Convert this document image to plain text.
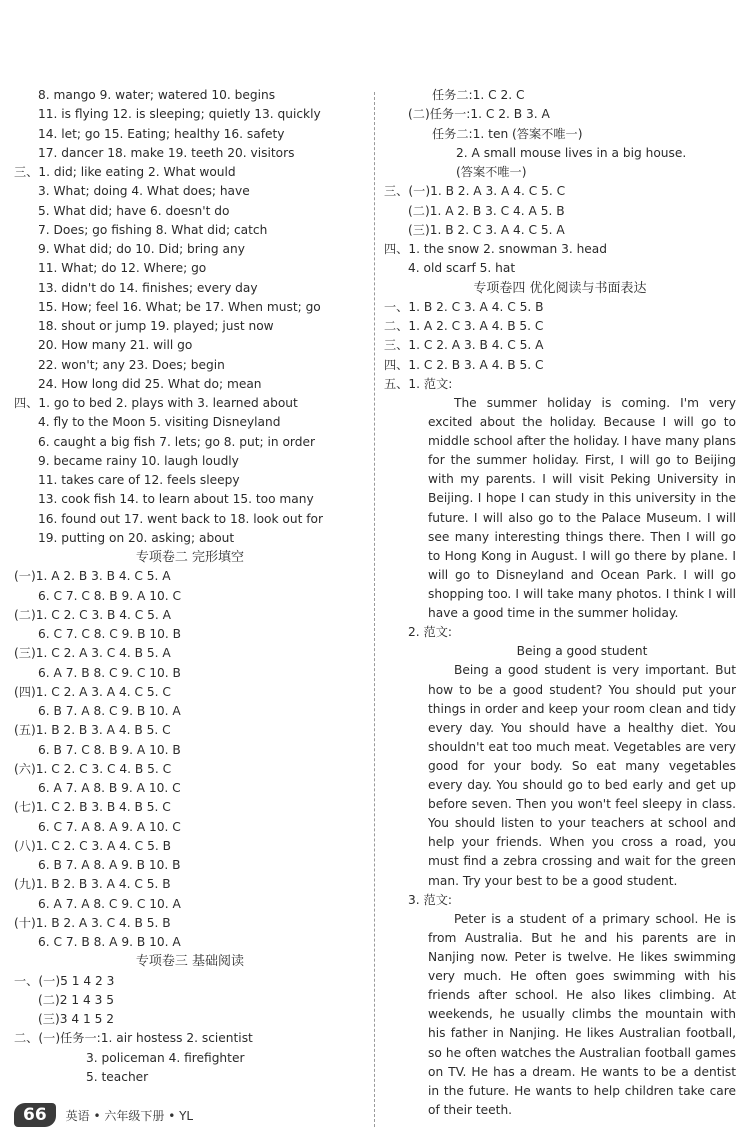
8. mango 9. water; watered 10. begins
11. is flying 12. is sleeping; quietly 13. quickly
14. let; go 15. Eating; healthy 16. safety
17. dancer 18. make 19. teeth 20. visitors
三、1. did; like eating 2. What would
3. What; doing 4. What does; have
5. What did; have 6. doesn't do
7. Does; go fishing 8. What did; catch
9. What did; do 10. Did; bring any
11. What; do 12. Where; go
13. didn't do 14. finishes; every day
15. How; feel 16. What; be 17. When must; go
18. shout or jump 19. played; just now
20. How many 21. will go
22. won't; any 23. Does; begin
24. How long did 25. What do; mean
四、1. go to bed 2. plays with 3. learned about
4. fly to the Moon 5. visiting Disneyland
6. caught a big fish 7. lets; go 8. put; in order
9. became rainy 10. laugh loudly
11. takes care of 12. feels sleepy
13. cook fish 14. to learn about 15. too many
16. found out 17. went back to 18. look out for
19. putting on 20. asking; about
专项卷二 完形填空
(一)1. A 2. B 3. B 4. C 5. A
6. C 7. C 8. B 9. A 10. C
(二)1. C 2. C 3. B 4. C 5. A
6. C 7. C 8. C 9. B 10. B
(三)1. C 2. A 3. C 4. B 5. A
6. A 7. B 8. C 9. C 10. B
(四)1. C 2. A 3. A 4. C 5. C
6. B 7. A 8. C 9. B 10. A
(五)1. B 2. B 3. A 4. B 5. C
6. B 7. C 8. B 9. A 10. B
(六)1. C 2. C 3. C 4. B 5. C
6. A 7. A 8. B 9. A 10. C
(七)1. C 2. B 3. B 4. B 5. C
6. C 7. A 8. A 9. A 10. C
(八)1. C 2. C 3. A 4. C 5. B
6. B 7. A 8. A 9. B 10. B
(九)1. B 2. B 3. A 4. C 5. B
6. A 7. A 8. C 9. C 10. A
(十)1. B 2. A 3. C 4. B 5. B
6. C 7. B 8. A 9. B 10. A
专项卷三 基础阅读
一、(一)5 1 4 2 3
(二)2 1 4 3 5
(三)3 4 1 5 2
二、(一)任务一:1. air hostess 2. scientist
3. policeman 4. firefighter
5. teacher
任务二:1. C 2. C
(二)任务一:1. C 2. B 3. A
任务二:1. ten (答案不唯一)
2. A small mouse lives in a big house.
(答案不唯一)
三、(一)1. B 2. A 3. A 4. C 5. C
(二)1. A 2. B 3. C 4. A 5. B
(三)1. B 2. C 3. A 4. C 5. A
四、1. the snow 2. snowman 3. head
4. old scarf 5. hat
专项卷四 优化阅读与书面表达
一、1. B 2. C 3. A 4. C 5. B
二、1. A 2. C 3. A 4. B 5. C
三、1. C 2. A 3. B 4. C 5. A
四、1. C 2. B 3. A 4. B 5. C
五、1. 范文:

The summer holiday is coming. I'm very excited about the holiday. Because I will go to middle school after the holiday. I have many plans for the summer holiday. First, I will go to Beijing with my parents. I will visit Peking University in Beijing. I hope I can study in this university in the future. I will also go to the Palace Museum. I will see many interesting things there. Then I will go to Hong Kong in August. I will go there by plane. I will go to Disneyland and Ocean Park. I will go shopping too. I will take many photos. I think I will have a good time in the summer holiday.

2. 范文:
Being a good student

Being a good student is very important. But how to be a good student? You should put your things in order and keep your room clean and tidy every day. You should have a healthy diet. You shouldn't eat too much meat. Vegetables are very good for your body. So eat many vegetables every day. You should go to bed early and get up before seven. Then you won't feel sleepy in class. You should listen to your teachers at school and help your friends. When you cross a road, you must find a zebra crossing and wait for the green man. Try your best to be a good student.

3. 范文:

Peter is a student of a primary school. He is from Australia. But he and his parents are in Nanjing now. Peter is twelve. He likes swimming very much. He often goes swimming with his friends after school. He also likes climbing. At weekends, he usually climbs the mountain with his father in Nanjing. He likes Australian football, so he often watches the Australian football games on TV. He has a dream. He wants to be a dentist in the future. He wants to help children take care of their teeth.

66	英语 • 六年级下册 • YL
